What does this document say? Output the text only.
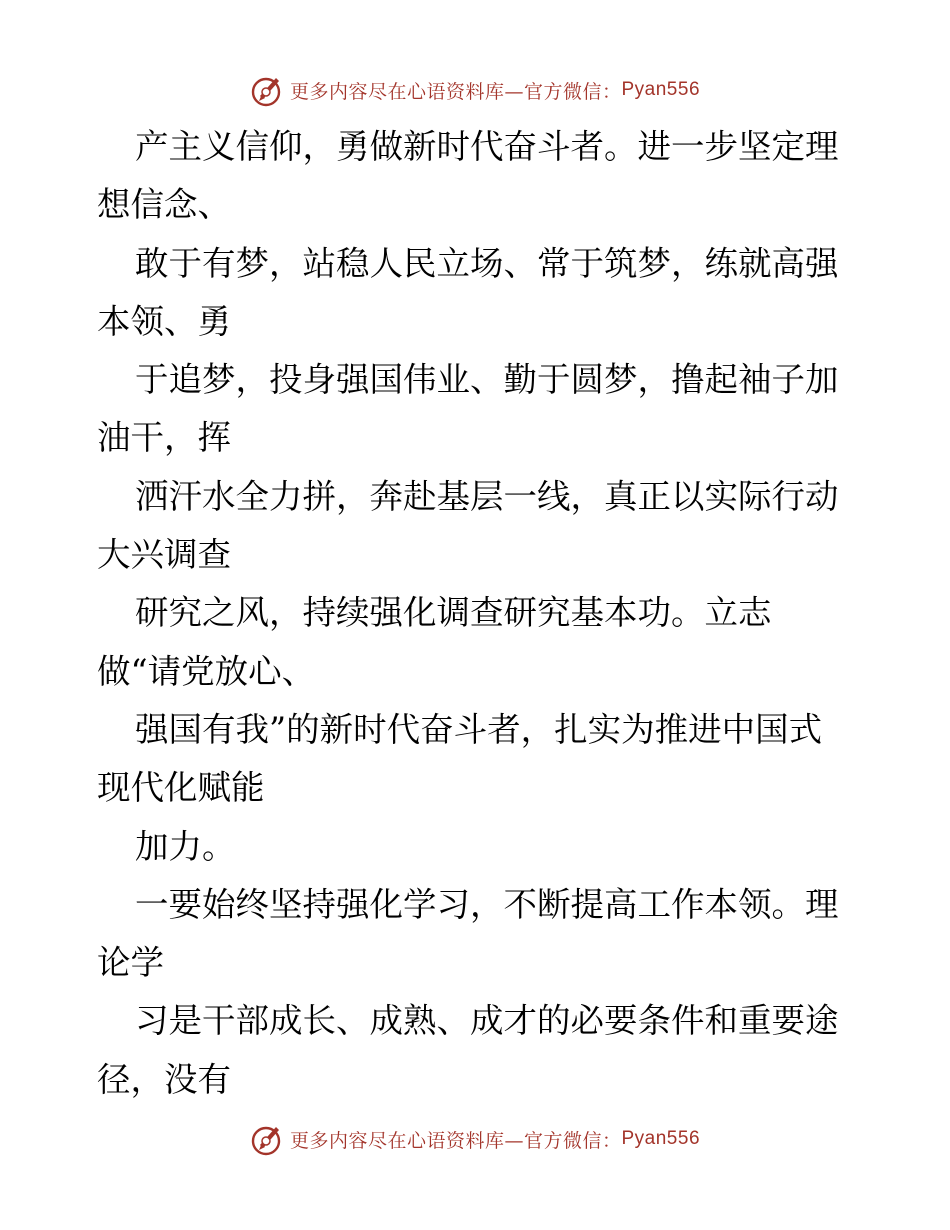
更多内容尽在心语资料库—官方微信： Pyan556
产主义信仰，勇做新时代奋斗者。进一步坚定理
想信念、
敢于有梦，站稳人民立场、常于筑梦，练就高强
本领、勇
于追梦，投身强国伟业、勤于圆梦，撸起袖子加
油干，挥
洒汗水全力拼，奔赴基层一线，真正以实际行动
大兴调查
研究之风，持续强化调查研究基本功。立志
做“请党放心、
强国有我”的新时代奋斗者，扎实为推进中国式
现代化赋能
加力。
一要始终坚持强化学习，不断提高工作本领。理
论学
习是干部成长、成熟、成才的必要条件和重要途
径，没有
更多内容尽在心语资料库—官方微信： Pyan556
